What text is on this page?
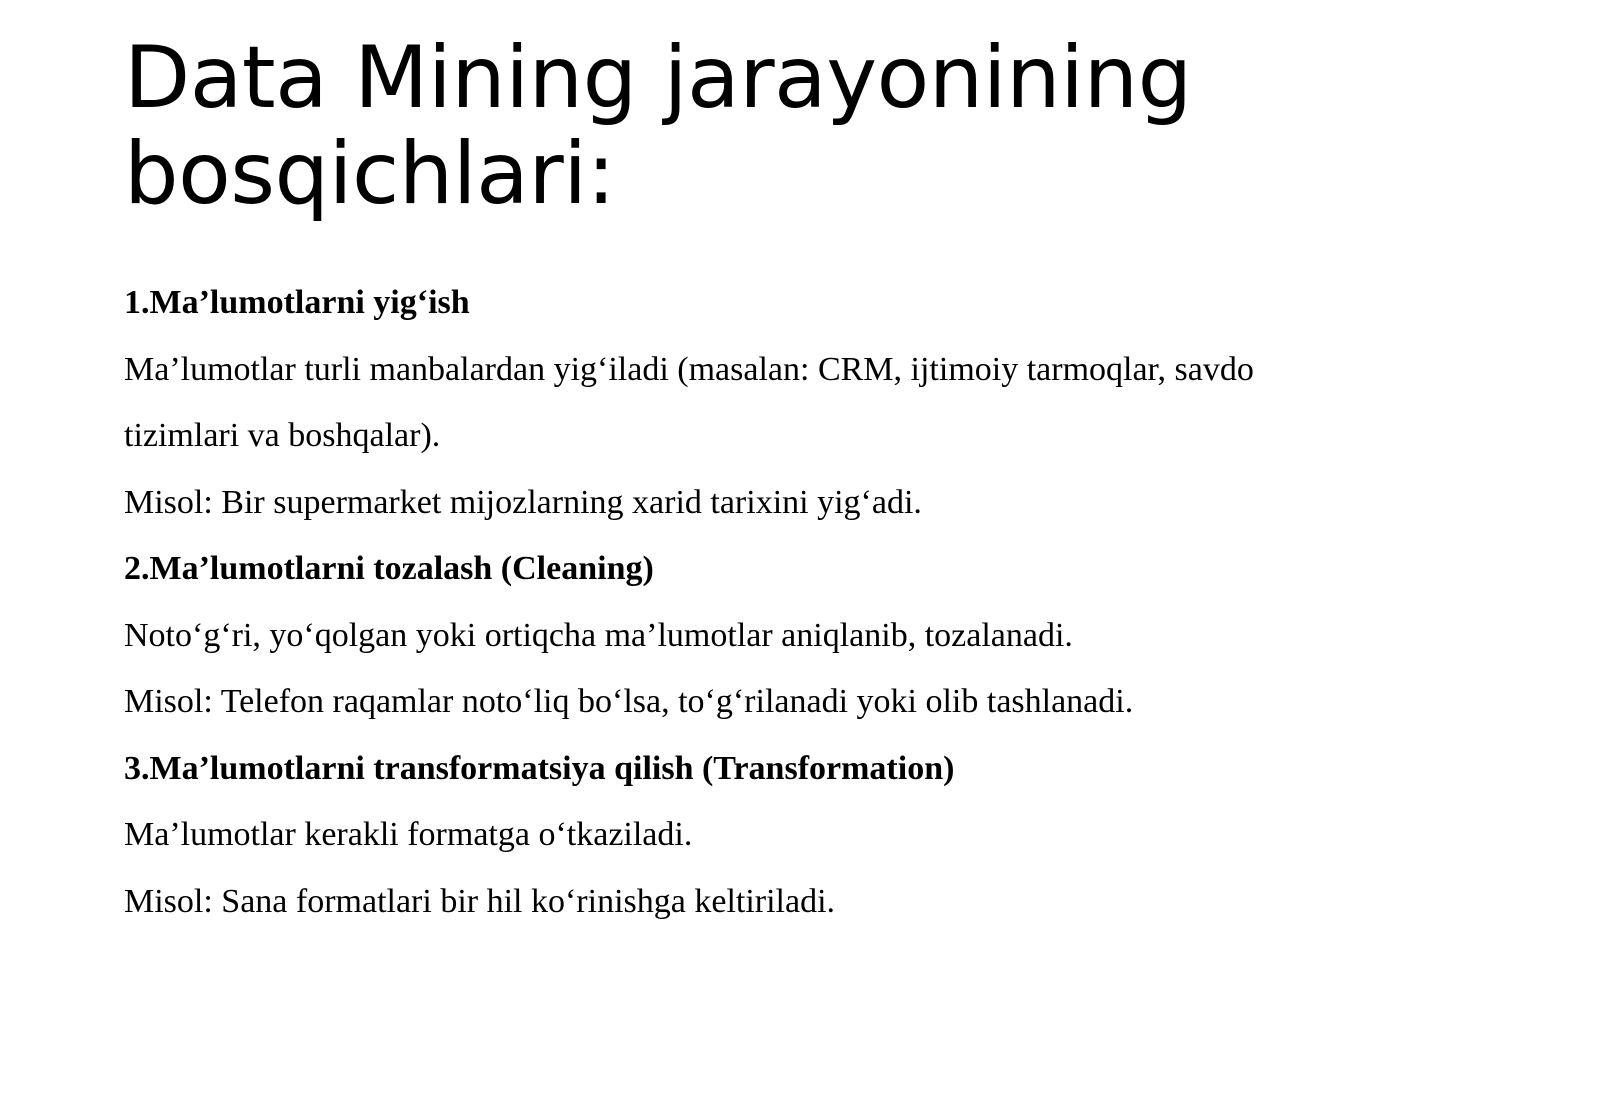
Data Mining jarayonining
bosqichlari:

1.Ma’lumotlarni yig‘ish

Ma’lumotlar turli manbalardan yig‘iladi (masalan: CRM, ijtimoiy tarmoqlar, savdo

tizimlari va boshqalar).

Misol: Bir supermarket mijozlarning xarid tarixini yig‘adi.

2.Ma’lumotlarni tozalash (Cleaning)

Noto‘g‘ri, yo‘qolgan yoki ortiqcha ma’lumotlar aniqlanib, tozalanadi.

Misol: Telefon raqamlar noto‘liq bo‘lsa, to‘g‘rilanadi yoki olib tashlanadi.

3.Ma’lumotlarni transformatsiya qilish (Transformation)

Ma’lumotlar kerakli formatga o‘tkaziladi.

Misol: Sana formatlari bir hil ko‘rinishga keltiriladi.
